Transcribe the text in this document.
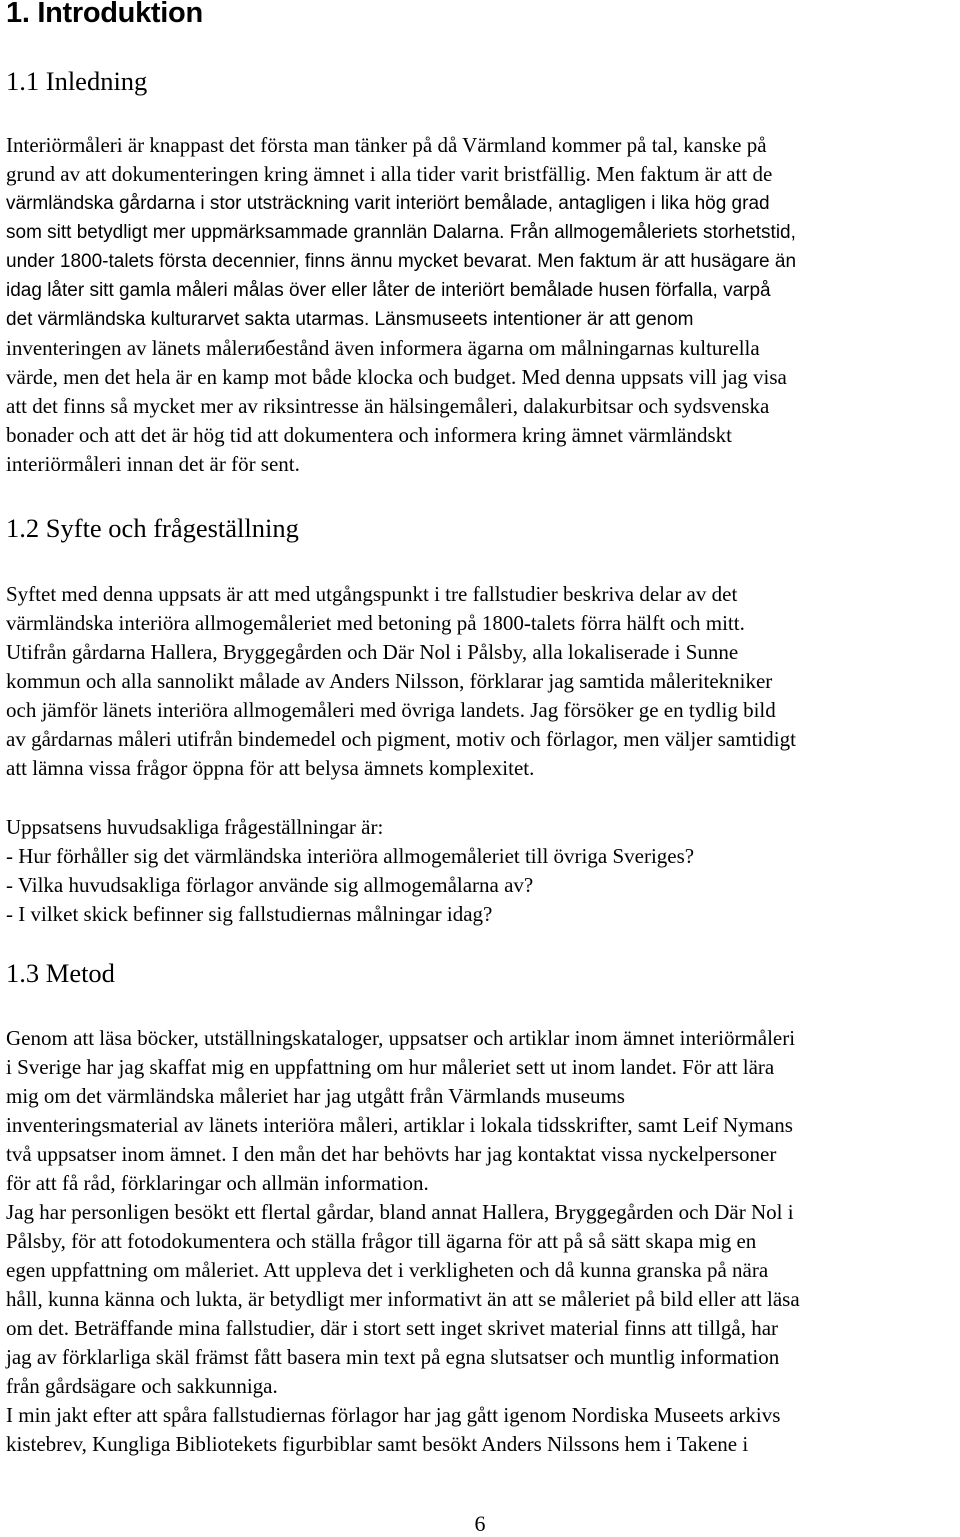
1. Introduktion
1.1 Inledning
Interiörmåleri är knappast det första man tänker på då Värmland kommer på tal, kanske på
grund av att dokumenteringen kring ämnet i alla tider varit bristfällig. Men faktum är att de
värmländska gårdarna i stor utsträckning varit interiört bemålade, antagligen i lika hög grad
som sitt betydligt mer uppmärksammade grannlän Dalarna. Från allmogemåleriets storhetstid,
under 1800-talets första decennier, finns ännu mycket bevarat. Men faktum är att husägare än
idag låter sitt gamla måleri målas över eller låter de interiört bemålade husen förfalla, varpå
det värmländska kulturarvet sakta utarmas. Länsmuseets intentioner är att genom
inventeringen av länets målerибestånd även informera ägarna om målningarnas kulturella
värde, men det hela är en kamp mot både klocka och budget. Med denna uppsats vill jag visa
att det finns så mycket mer av riksintresse än hälsingemåleri, dalakurbitsar och sydsvenska
bonader och att det är hög tid att dokumentera och informera kring ämnet värmländskt
interiörmåleri innan det är för sent.
1.2 Syfte och frågeställning
Syftet med denna uppsats är att med utgångspunkt i tre fallstudier beskriva delar av det
värmländska interiöra allmogemåleriet med betoning på 1800-talets förra hälft och mitt.
Utifrån gårdarna Hallera, Bryggegården och Där Nol i Pålsby, alla lokaliserade i Sunne
kommun och alla sannolikt målade av Anders Nilsson, förklarar jag samtida måleritekniker
och jämför länets interiöra allmogemåleri med övriga landets. Jag försöker ge en tydlig bild
av gårdarnas måleri utifrån bindemedel och pigment, motiv och förlagor, men väljer samtidigt
att lämna vissa frågor öppna för att belysa ämnets komplexitet.
Uppsatsens huvudsakliga frågeställningar är:
- Hur förhåller sig det värmländska interiöra allmogemåleriet till övriga Sveriges?
- Vilka huvudsakliga förlagor använde sig allmogemålarna av?
- I vilket skick befinner sig fallstudiernas målningar idag?
1.3 Metod
Genom att läsa böcker, utställningskataloger, uppsatser och artiklar inom ämnet interiörmåleri
i Sverige har jag skaffat mig en uppfattning om hur måleriet sett ut inom landet. För att lära
mig om det värmländska måleriet har jag utgått från Värmlands museums
inventeringsmaterial av länets interiöra måleri, artiklar i lokala tidsskrifter, samt Leif Nymans
två uppsatser inom ämnet. I den mån det har behövts har jag kontaktat vissa nyckelpersoner
för att få råd, förklaringar och allmän information.
Jag har personligen besökt ett flertal gårdar, bland annat Hallera, Bryggegården och Där Nol i
Pålsby, för att fotodokumentera och ställa frågor till ägarna för att på så sätt skapa mig en
egen uppfattning om måleriet. Att uppleva det i verkligheten och då kunna granska på nära
håll, kunna känna och lukta, är betydligt mer informativt än att se måleriet på bild eller att läsa
om det. Beträffande mina fallstudier, där i stort sett inget skrivet material finns att tillgå, har
jag av förklarliga skäl främst fått basera min text på egna slutsatser och muntlig information
från gårdsägare och sakkunniga.
I min jakt efter att spåra fallstudiernas förlagor har jag gått igenom Nordiska Museets arkivs
kistebrev, Kungliga Bibliotekets figurbiblar samt besökt Anders Nilssons hem i Takene i
6
